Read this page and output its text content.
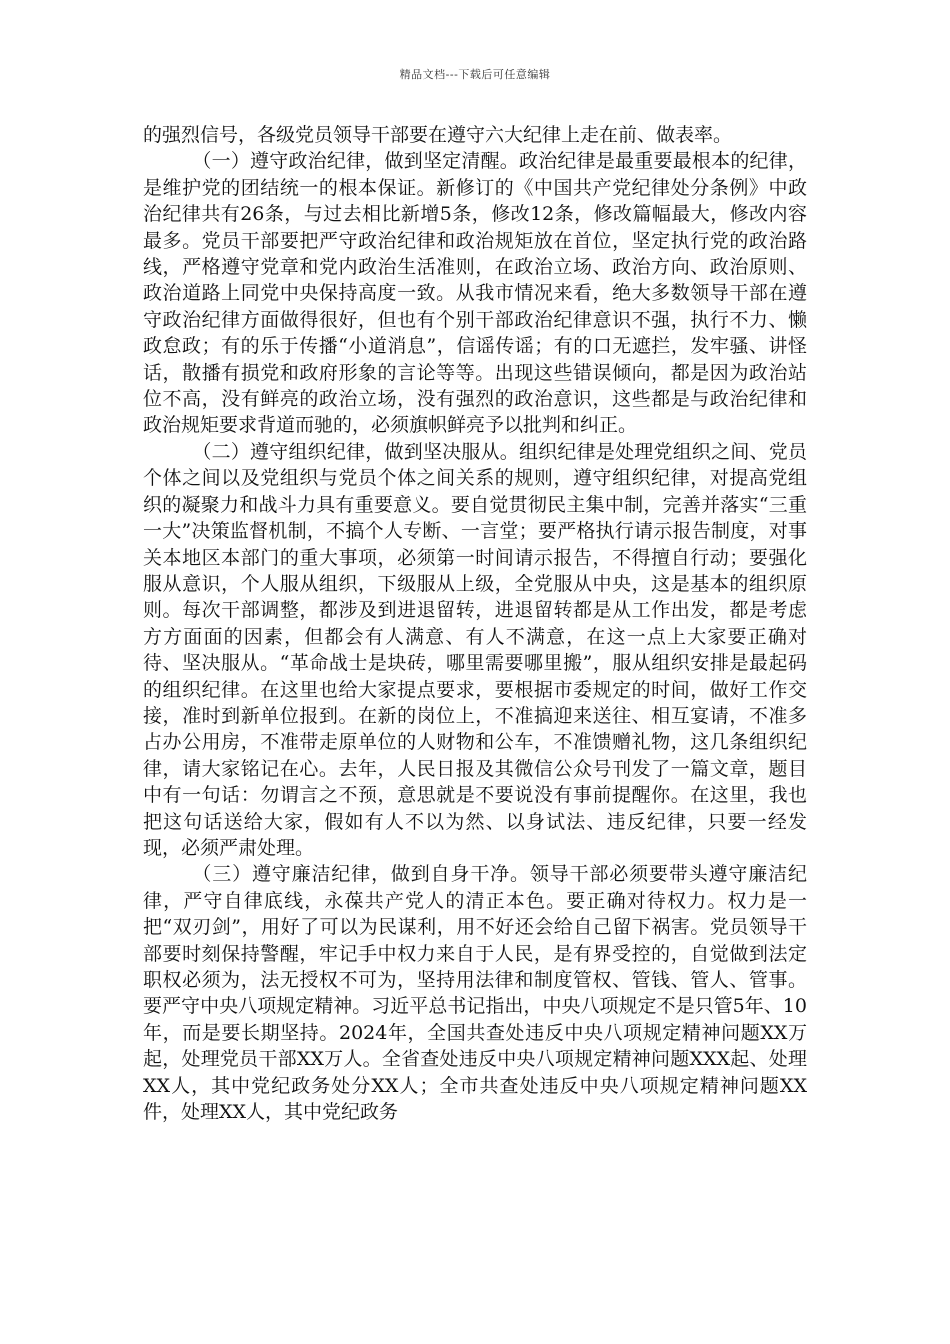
精品文档---下载后可任意编辑

的强烈信号，各级党员领导干部要在遵守六大纪律上走在前、做表率。

（一）遵守政治纪律，做到坚定清醒。政治纪律是最重要最根本的纪律，是维护党的团结统一的根本保证。新修订的《中国共产党纪律处分条例》中政治纪律共有26条，与过去相比新增5条，修改12条，修改篇幅最大，修改内容最多。党员干部要把严守政治纪律和政治规矩放在首位，坚定执行党的政治路线，严格遵守党章和党内政治生活准则，在政治立场、政治方向、政治原则、政治道路上同党中央保持高度一致。从我市情况来看，绝大多数领导干部在遵守政治纪律方面做得很好，但也有个别干部政治纪律意识不强，执行不力、懒政怠政；有的乐于传播“小道消息”，信谣传谣；有的口无遮拦，发牢骚、讲怪话，散播有损党和政府形象的言论等等。出现这些错误倾向，都是因为政治站位不高，没有鲜亮的政治立场，没有强烈的政治意识，这些都是与政治纪律和政治规矩要求背道而驰的，必须旗帜鲜亮予以批判和纠正。

（二）遵守组织纪律，做到坚决服从。组织纪律是处理党组织之间、党员个体之间以及党组织与党员个体之间关系的规则，遵守组织纪律，对提高党组织的凝聚力和战斗力具有重要意义。要自觉贯彻民主集中制，完善并落实“三重一大”决策监督机制，不搞个人专断、一言堂；要严格执行请示报告制度，对事关本地区本部门的重大事项，必须第一时间请示报告，不得擅自行动；要强化服从意识，个人服从组织，下级服从上级，全党服从中央，这是基本的组织原则。每次干部调整，都涉及到进退留转，进退留转都是从工作出发，都是考虑方方面面的因素，但都会有人满意、有人不满意，在这一点上大家要正确对待、坚决服从。“革命战士是块砖，哪里需要哪里搬”，服从组织安排是最起码的组织纪律。在这里也给大家提点要求，要根据市委规定的时间，做好工作交接，准时到新单位报到。在新的岗位上，不准搞迎来送往、相互宴请，不准多占办公用房，不准带走原单位的人财物和公车，不准馈赠礼物，这几条组织纪律，请大家铭记在心。去年，人民日报及其微信公众号刊发了一篇文章，题目中有一句话：勿谓言之不预，意思就是不要说没有事前提醒你。在这里，我也把这句话送给大家，假如有人不以为然、以身试法、违反纪律，只要一经发现，必须严肃处理。

（三）遵守廉洁纪律，做到自身干净。领导干部必须要带头遵守廉洁纪律，严守自律底线，永葆共产党人的清正本色。要正确对待权力。权力是一把“双刃剑”，用好了可以为民谋利，用不好还会给自己留下祸害。党员领导干部要时刻保持警醒，牢记手中权力来自于人民，是有界受控的，自觉做到法定职权必须为，法无授权不可为，坚持用法律和制度管权、管钱、管人、管事。要严守中央八项规定精神。习近平总书记指出，中央八项规定不是只管5年、10年，而是要长期坚持。2024年，全国共查处违反中央八项规定精神问题XX万起，处理党员干部XX万人。全省查处违反中央八项规定精神问题XXX起、处理XX人，其中党纪政务处分XX人；全市共查处违反中央八项规定精神问题XX件，处理XX人，其中党纪政务
